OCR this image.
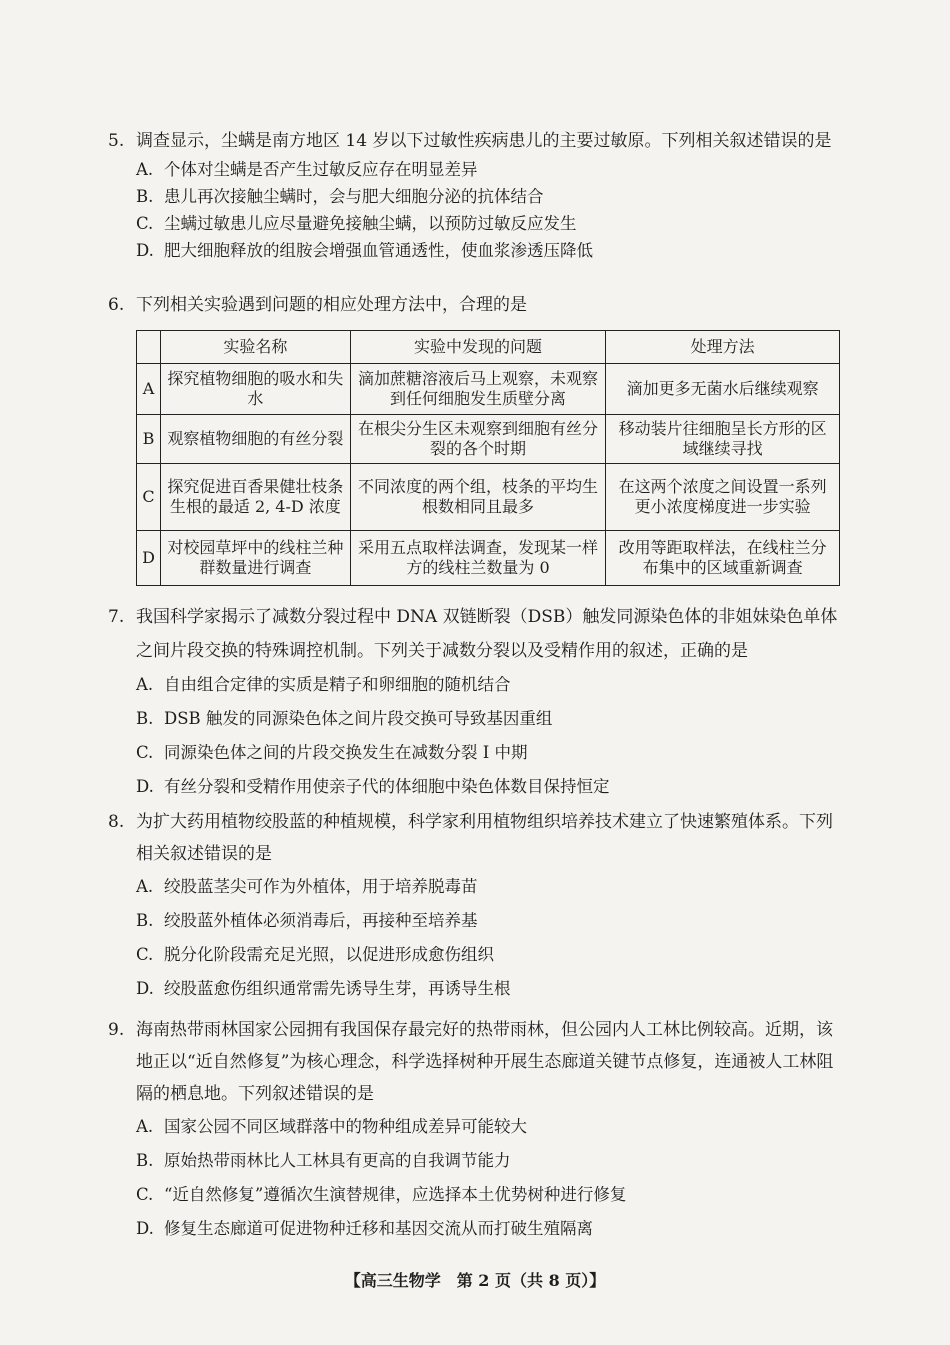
5. 调查显示，尘螨是南方地区 14 岁以下过敏性疾病患儿的主要过敏原。下列相关叙述错误的是
A. 个体对尘螨是否产生过敏反应存在明显差异
B. 患儿再次接触尘螨时，会与肥大细胞分泌的抗体结合
C. 尘螨过敏患儿应尽量避免接触尘螨，以预防过敏反应发生
D. 肥大细胞释放的组胺会增强血管通透性，使血浆渗透压降低
6. 下列相关实验遇到问题的相应处理方法中，合理的是
	实验名称	实验中发现的问题	处理方法
A	探究植物细胞的吸水和失水	滴加蔗糖溶液后马上观察，未观察到任何细胞发生质壁分离	滴加更多无菌水后继续观察
B	观察植物细胞的有丝分裂	在根尖分生区未观察到细胞有丝分裂的各个时期	移动装片往细胞呈长方形的区域继续寻找
C	探究促进百香果健壮枝条生根的最适 2, 4-D 浓度	不同浓度的两个组，枝条的平均生根数相同且最多	在这两个浓度之间设置一系列更小浓度梯度进一步实验
D	对校园草坪中的线柱兰种群数量进行调查	采用五点取样法调查，发现某一样方的线柱兰数量为 0	改用等距取样法，在线柱兰分布集中的区域重新调查
7. 我国科学家揭示了减数分裂过程中 DNA 双链断裂（DSB）触发同源染色体的非姐妹染色单体之间片段交换的特殊调控机制。下列关于减数分裂以及受精作用的叙述，正确的是
A. 自由组合定律的实质是精子和卵细胞的随机结合
B. DSB 触发的同源染色体之间片段交换可导致基因重组
C. 同源染色体之间的片段交换发生在减数分裂 I 中期
D. 有丝分裂和受精作用使亲子代的体细胞中染色体数目保持恒定
8. 为扩大药用植物绞股蓝的种植规模，科学家利用植物组织培养技术建立了快速繁殖体系。下列相关叙述错误的是
A. 绞股蓝茎尖可作为外植体，用于培养脱毒苗
B. 绞股蓝外植体必须消毒后，再接种至培养基
C. 脱分化阶段需充足光照，以促进形成愈伤组织
D. 绞股蓝愈伤组织通常需先诱导生芽，再诱导生根
9. 海南热带雨林国家公园拥有我国保存最完好的热带雨林，但公园内人工林比例较高。近期，该地正以“近自然修复”为核心理念，科学选择树种开展生态廊道关键节点修复，连通被人工林阻隔的栖息地。下列叙述错误的是
A. 国家公园不同区域群落中的物种组成差异可能较大
B. 原始热带雨林比人工林具有更高的自我调节能力
C. “近自然修复”遵循次生演替规律，应选择本土优势树种进行修复
D. 修复生态廊道可促进物种迁移和基因交流从而打破生殖隔离
【高三生物学　第 2 页（共 8 页）】
